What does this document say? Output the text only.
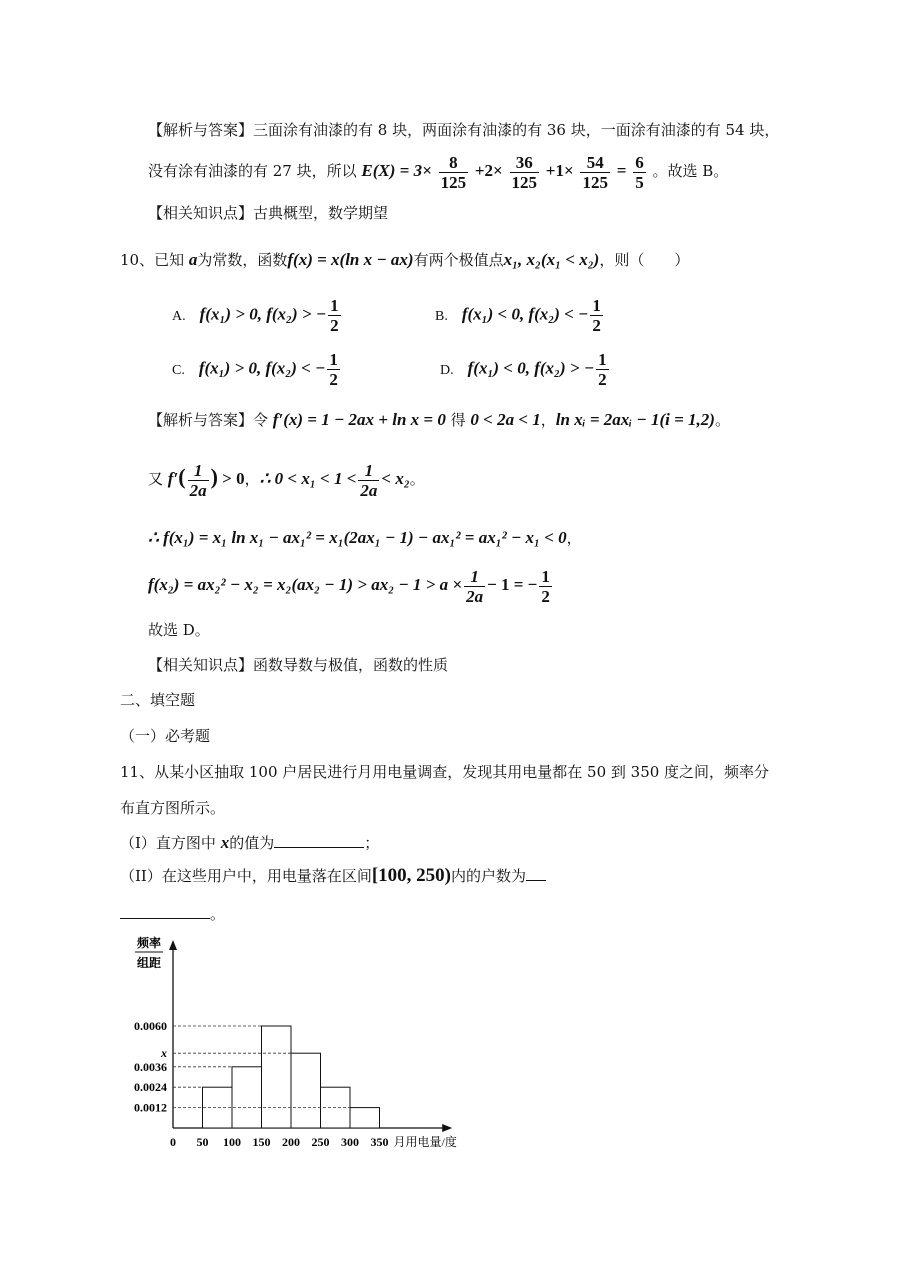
【解析与答案】三面涂有油漆的有 8 块，两面涂有油漆的有 36 块，一面涂有油漆的有 54 块，
没有涂有油漆的有 27 块，所以 $E(X) = 3\times \frac{8}{125} +2\times \frac{36}{125} +1\times \frac{54}{125} = \frac{6}{5}$ 。故选 B。
【相关知识点】古典概型，数学期望
10、已知 a为常数，函数f(x) = x(ln x − ax)有两个极值点x₁, x₂(x₁ < x₂)，则（　　）
A. f(x₁) > 0, f(x₂) > − $\frac{1}{2}$	B. f(x₁) < 0, f(x₂) < − $\frac{1}{2}$
C. f(x₁) > 0, f(x₂) < − $\frac{1}{2}$	D. f(x₁) < 0, f(x₂) > − $\frac{1}{2}$
【解析与答案】令 f′(x) = 1 − 2ax + ln x = 0 得 0 < 2a < 1，ln xᵢ = 2axᵢ − 1(i = 1,2)。
又 $f'( \frac{1}{2a}$ ) > 0，∴ $0 < x_1 < 1 < \frac{1}{2a} < x_2$。
∴ f(x₁) = x₁ ln x₁ − ax₁² = x₁(2ax₁ − 1) − ax₁² = ax₁² − x₁ < 0，
$f(x_2) = ax_2^2 - x_2 = x_2(ax_2 - 1) > ax_2 - 1 > a \times \frac{1}{2a} - 1$ = − $\frac{1}{2}$
故选 D。
【相关知识点】函数导数与极值，函数的性质
二、填空题
（一）必考题
11、从某小区抽取 100 户居民进行月用电量调查，发现其用电量都在 50 到 350 度之间，频率分
布直方图所示。
（I）直方图中 x的值为	；
（II）在这些用户中，用电量落在区间[100, 250)内的户数为
。
频率
组距
月用电量/度
0.0060
x
0.0036
0.0024
0.0012
0 50 100 150 200 250 300 350
